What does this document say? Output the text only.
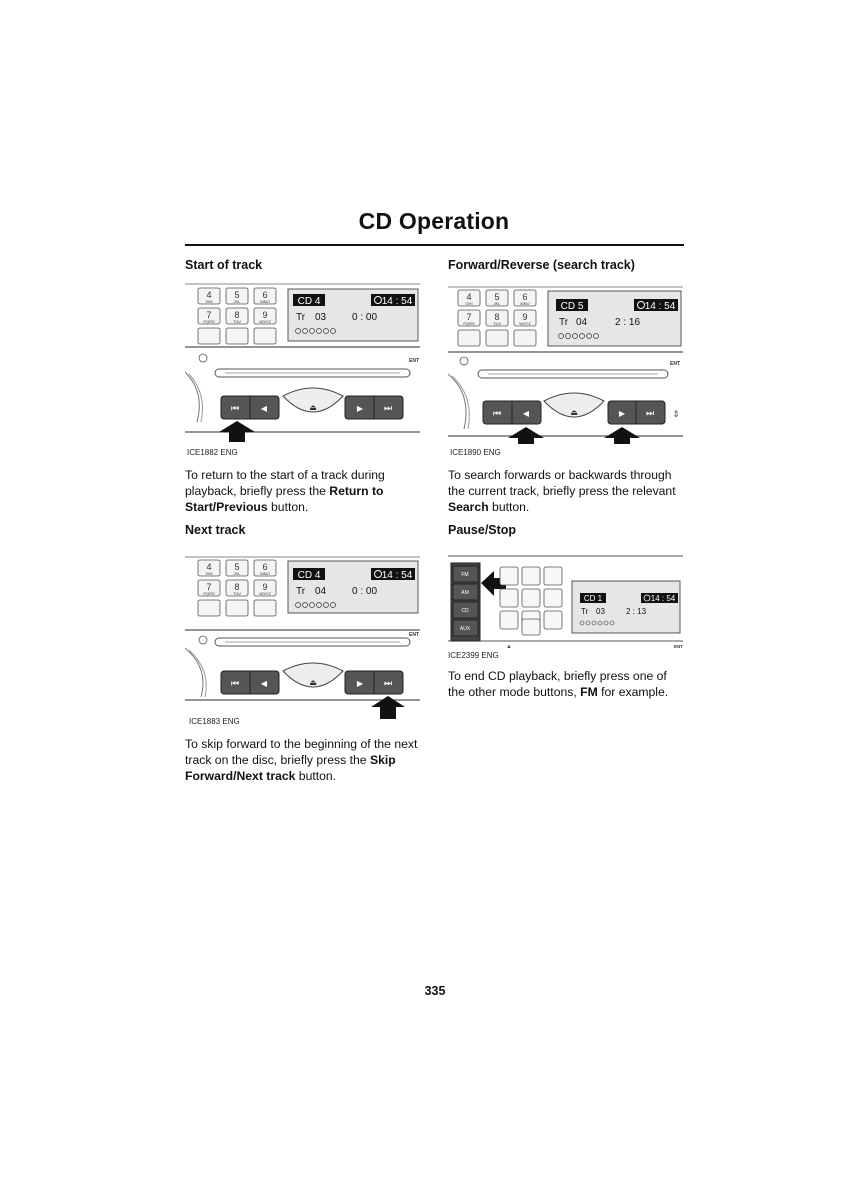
CD Operation
Start of track
4	5	6
7	8	9
GHI	JKL	MNO
PQRS	TUV	WXYZ
CD 4	14 : 54
Tr 03	0 : 00
ENT
⏮	◀	⏏	▶ ⏭
ICE1882 ENG

To return to the start of a track during playback, briefly press the Return to Start/Previous button.

Next track
4	5	6
7	8	9
GHI	JKL	MNO
PQRS	TUV	WXYZ
CD 4	14 : 54
Tr 04	0 : 00
ENT
⏮	◀	⏏	▶ ⏭
ICE1883 ENG

To skip forward to the beginning of the next track on the disc, briefly press the Skip Forward/Next track button.

Forward/Reverse (search track)
4	5	6
7	8	9
GHI	JKL	MNO
PQRS	TUV	WXYZ
CD 5	14 : 54
Tr 04	2 : 16
ENT
⏮	◀	⏏	▶ ⏭ ⇕
ICE1890 ENG

To search forwards or backwards through the current track, briefly press the relevant Search button.

Pause/Stop
FM
AM
CD
AUX
CD 1	14 : 54
Tr 03	2 : 13
ENT
▲
ICE2399 ENG

To end CD playback, briefly press one of the other mode buttons, FM for example.

335
